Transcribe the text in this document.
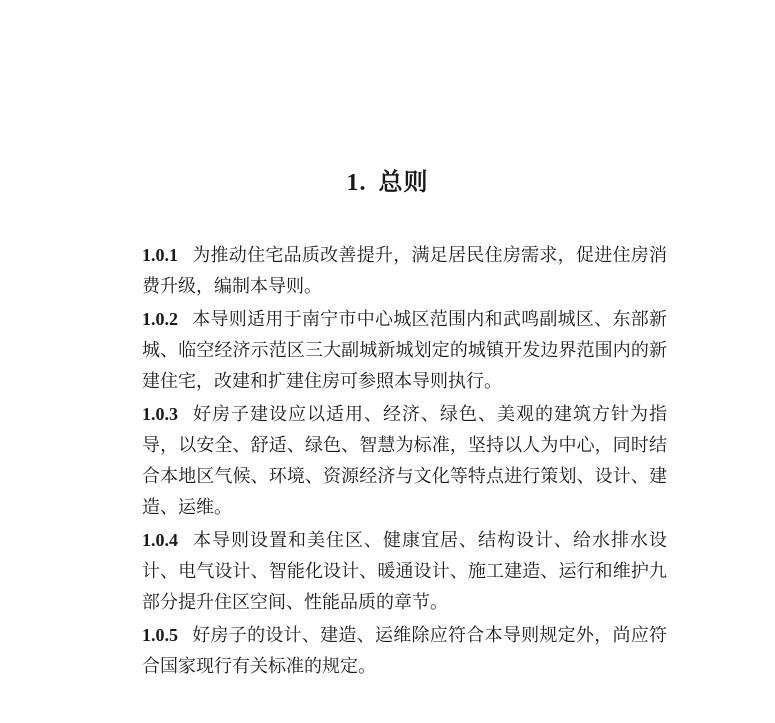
1. 总则

1.0.1 为推动住宅品质改善提升，满足居民住房需求，促进住房消费升级，编制本导则。

1.0.2 本导则适用于南宁市中心城区范围内和武鸣副城区、东部新城、临空经济示范区三大副城新城划定的城镇开发边界范围内的新建住宅，改建和扩建住房可参照本导则执行。

1.0.3 好房子建设应以适用、经济、绿色、美观的建筑方针为指导，以安全、舒适、绿色、智慧为标准，坚持以人为中心，同时结合本地区气候、环境、资源经济与文化等特点进行策划、设计、建造、运维。

1.0.4 本导则设置和美住区、健康宜居、结构设计、给水排水设计、电气设计、智能化设计、暖通设计、施工建造、运行和维护九部分提升住区空间、性能品质的章节。

1.0.5 好房子的设计、建造、运维除应符合本导则规定外，尚应符合国家现行有关标准的规定。
